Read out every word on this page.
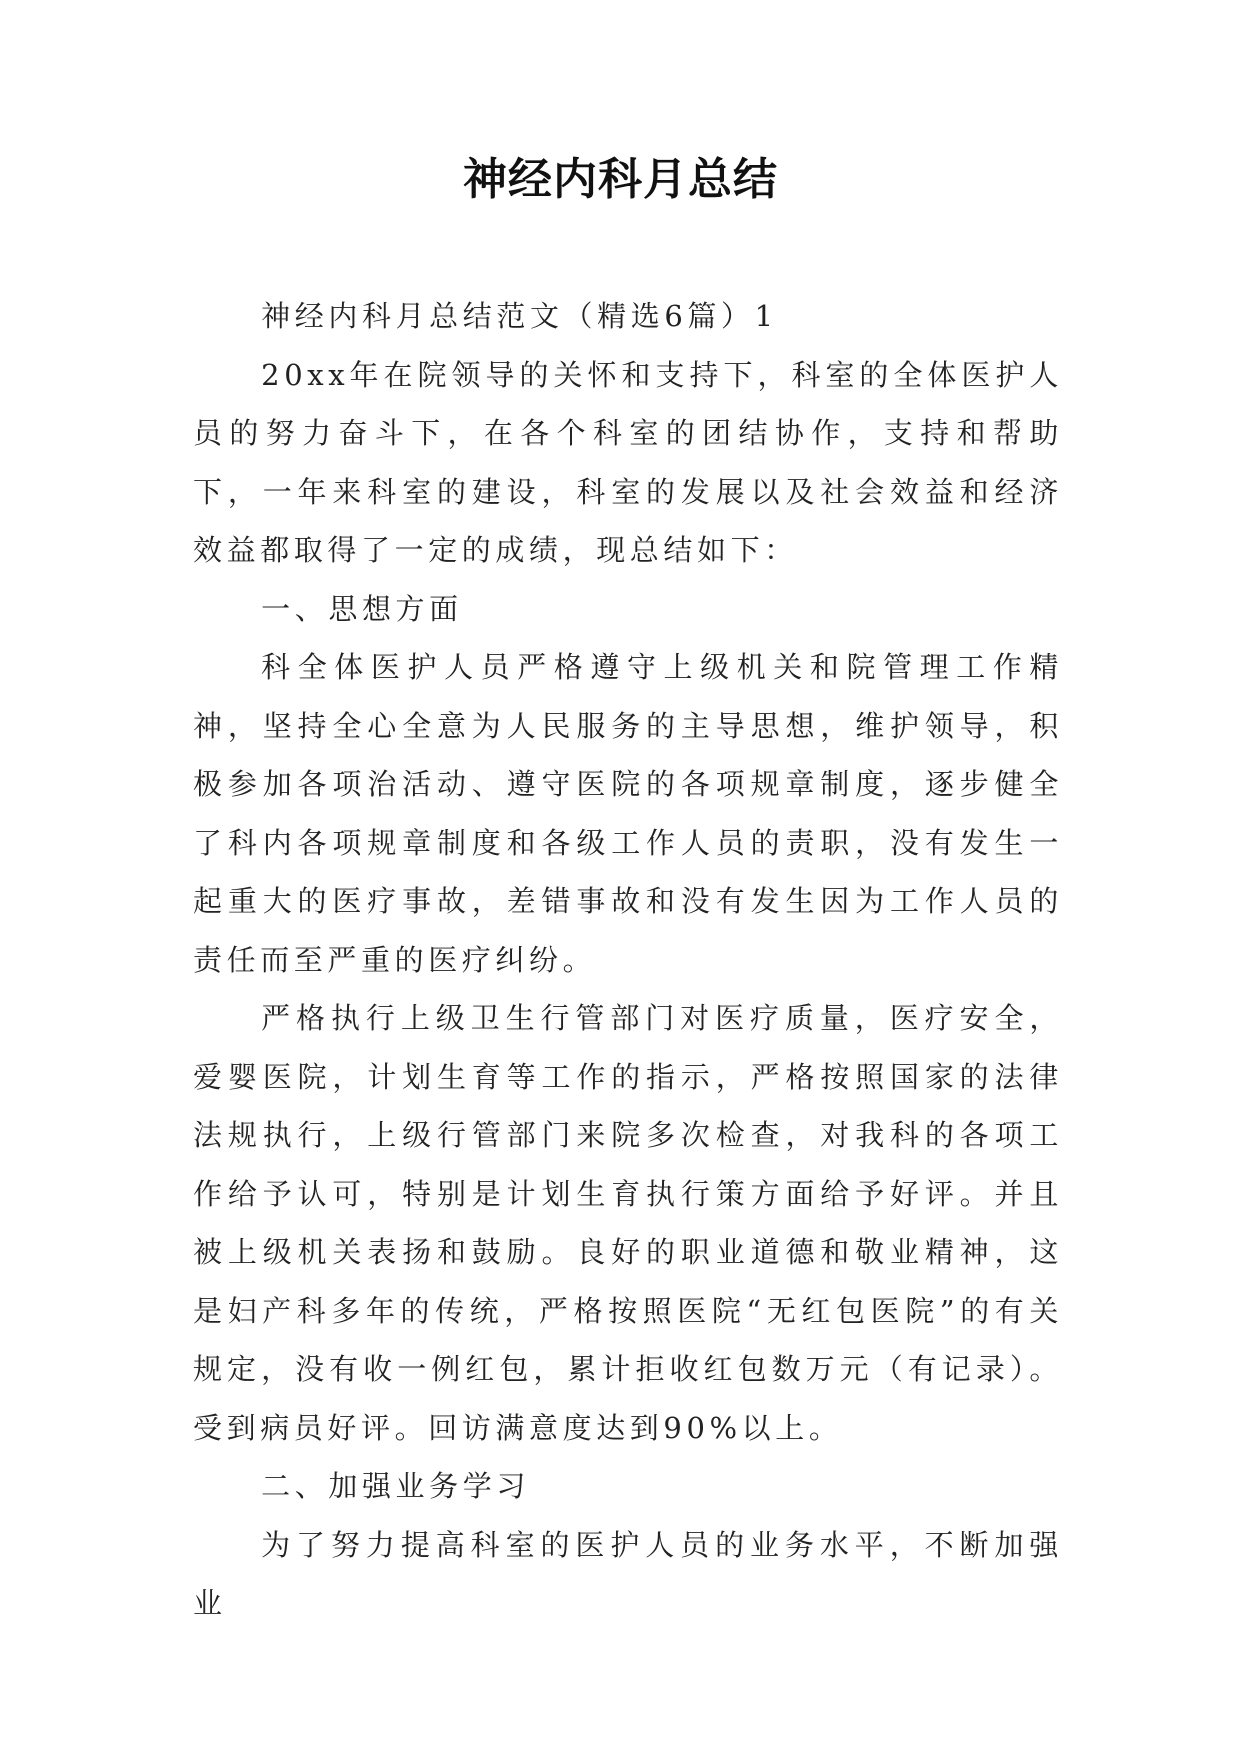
神经内科月总结

神经内科月总结范文（精选6篇）1

20xx年在院领导的关怀和支持下，科室的全体医护人员的努力奋斗下，在各个科室的团结协作，支持和帮助下，一年来科室的建设，科室的发展以及社会效益和经济效益都取得了一定的成绩，现总结如下：

一、思想方面

科全体医护人员严格遵守上级机关和院管理工作精神，坚持全心全意为人民服务的主导思想，维护领导，积极参加各项治活动、遵守医院的各项规章制度，逐步健全了科内各项规章制度和各级工作人员的责职，没有发生一起重大的医疗事故，差错事故和没有发生因为工作人员的责任而至严重的医疗纠纷。

严格执行上级卫生行管部门对医疗质量，医疗安全，爱婴医院，计划生育等工作的指示，严格按照国家的法律法规执行，上级行管部门来院多次检查，对我科的各项工作给予认可，特别是计划生育执行策方面给予好评。并且被上级机关表扬和鼓励。良好的职业道德和敬业精神，这是妇产科多年的传统，严格按照医院“无红包医院”的有关规定，没有收一例红包，累计拒收红包数万元（有记录）。受到病员好评。回访满意度达到90%以上。

二、加强业务学习

为了努力提高科室的医护人员的业务水平，不断加强业
